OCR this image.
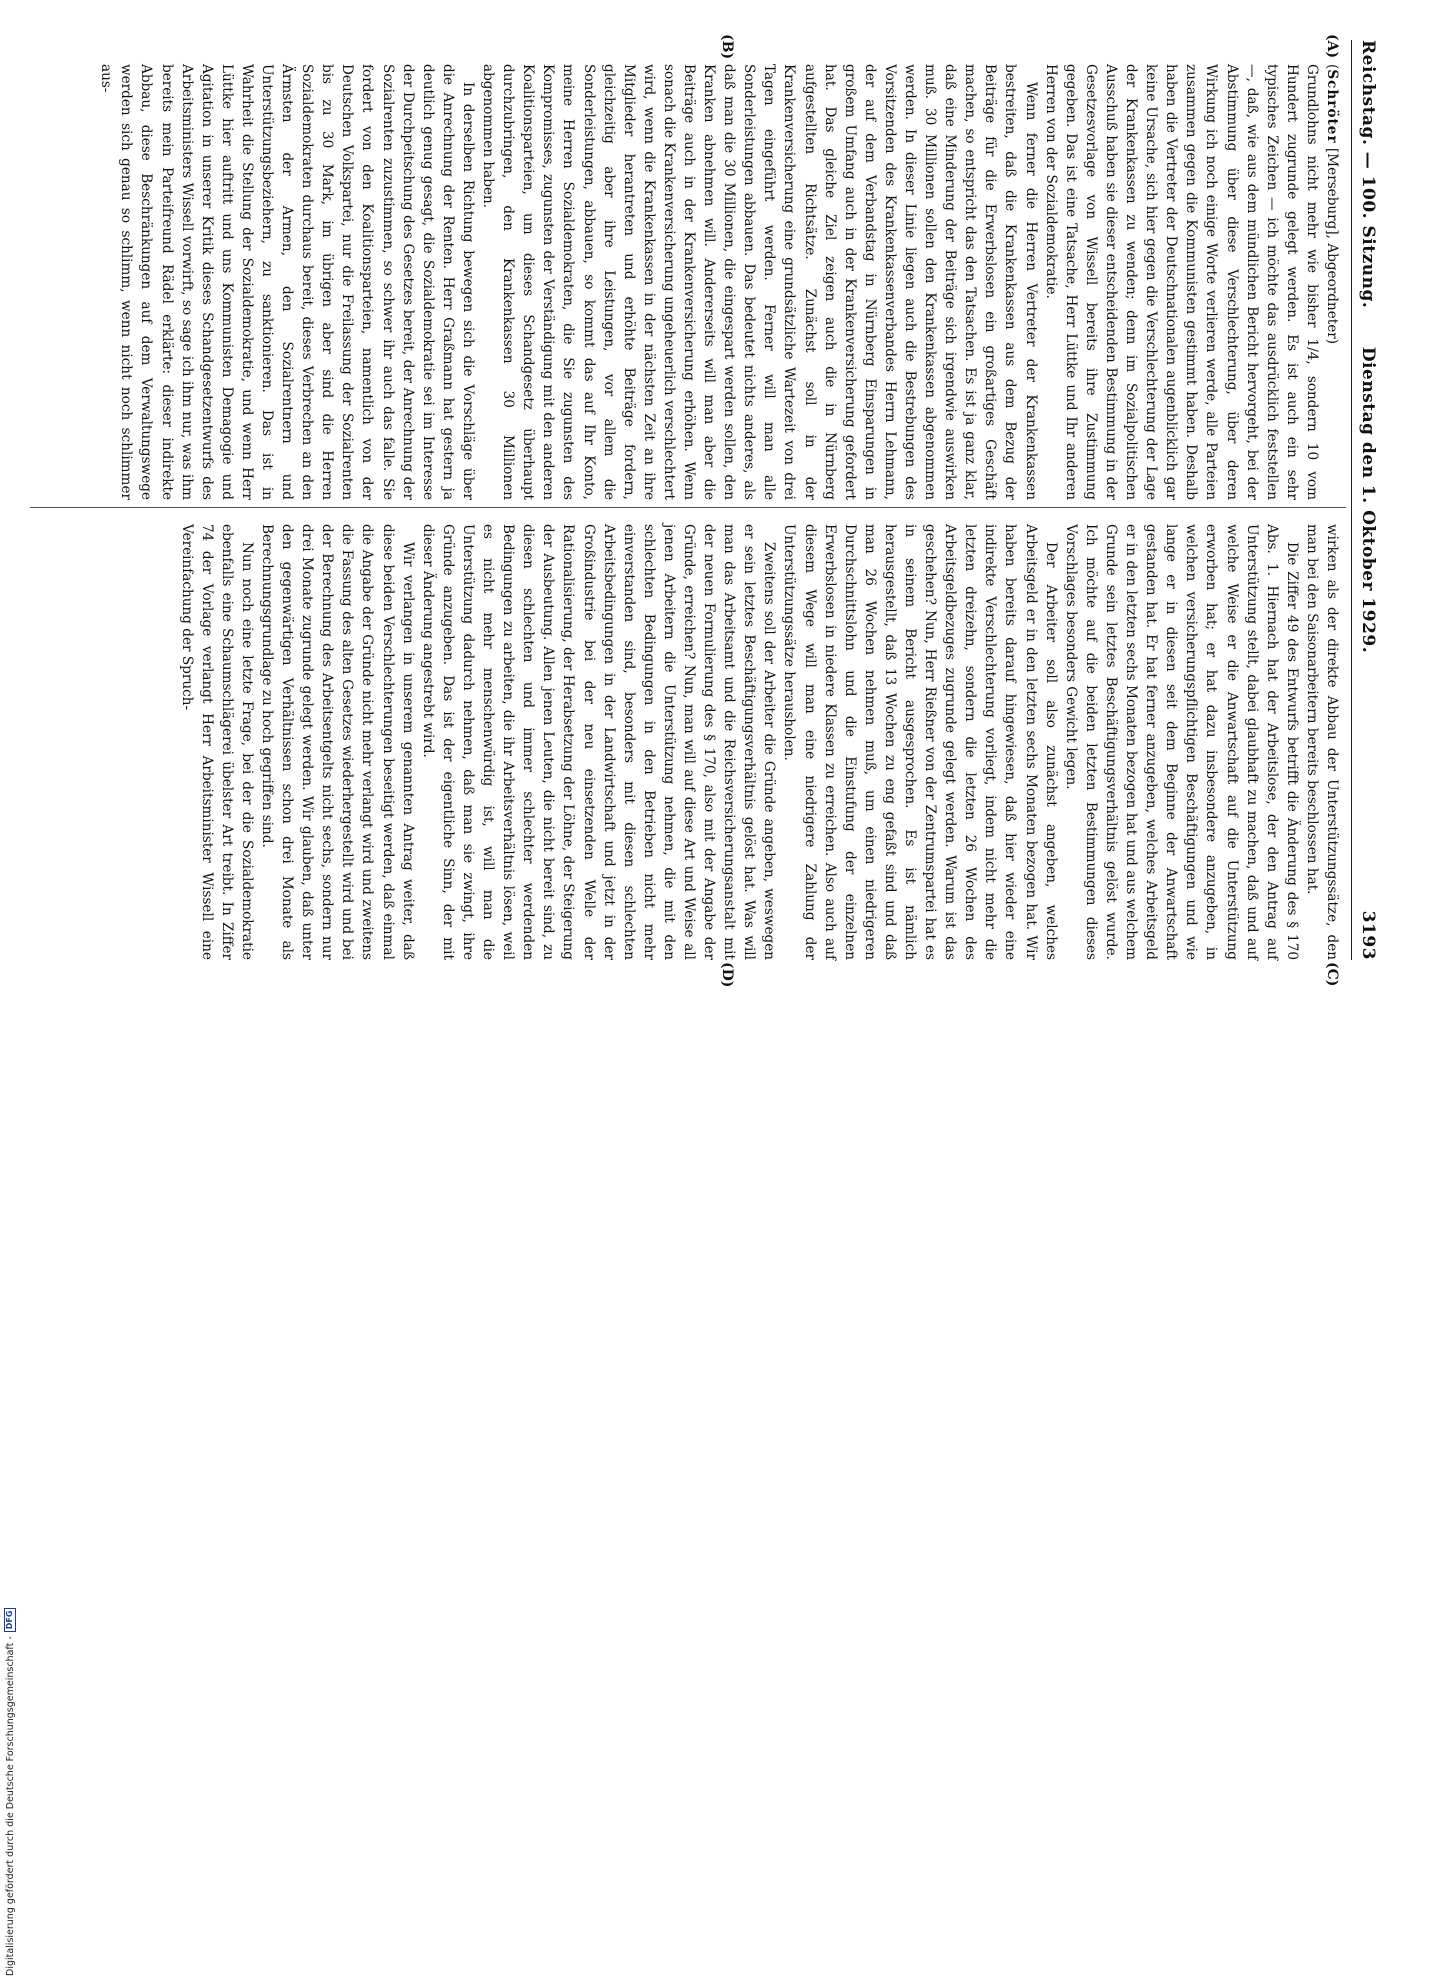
Reichstag. — 100. Sitzung.
Dienstag den 1. Oktober 1929.
3193
(A)
(B)
(C)
(D)

(Schröter [Merseburg], Abgeordneter)

Grundlohns nicht mehr wie bisher 1/4, sondern 10 vom Hundert zugrunde gelegt werden. Es ist auch ein sehr typisches Zeichen — ich möchte das ausdrücklich feststellen —, daß, wie aus dem mündlichen Bericht hervorgeht, bei der Abstimmung über diese Verschlechterung, über deren Wirkung ich noch einige Worte verlieren werde, alle Parteien zusammen gegen die Kommunisten gestimmt haben. Deshalb haben die Vertreter der Deutschnationalen augenblicklich gar keine Ursache, sich hier gegen die Verschlechterung der Lage der Krankenkassen zu wenden; denn im Sozialpolitischen Ausschuß haben sie dieser entscheidenden Bestimmung in der Gesetzesvorlage von Wissell bereits ihre Zustimmung gegeben. Das ist eine Tatsache, Herr Lüttke und Ihr anderen Herren von der Sozialdemokratie.

Wenn ferner die Herren Vertreter der Krankenkassen bestreiten, daß die Krankenkassen aus dem Bezug der Beiträge für die Erwerbslosen ein großartiges Geschäft machen, so entspricht das den Tatsachen. Es ist ja ganz klar, daß eine Minderung der Beiträge sich irgendwie auswirken muß. 30 Millionen sollen den Krankenkassen abgenommen werden. In dieser Linie liegen auch die Bestrebungen des Vorsitzenden des Krankenkassenverbandes Herrn Lehmann, der auf dem Verbandstag in Nürnberg Einsparungen in großem Umfang auch in der Krankenversicherung gefordert hat. Das gleiche Ziel zeigen auch die in Nürnberg aufgestellten Richtsätze. Zunächst soll in der Krankenversicherung eine grundsätzliche Wartezeit von drei Tagen eingeführt werden. Ferner will man alle Sonderleistungen abbauen. Das bedeutet nichts anderes, als daß man die 30 Millionen, die eingespart werden sollen, den Kranken abnehmen will. Andererseits will man aber die Beiträge auch in der Krankenversicherung erhöhen. Wenn sonach die Krankenversicherung ungeheuerlich verschlechtert wird, wenn die Krankenkassen in der nächsten Zeit an ihre Mitglieder herantreten und erhöhte Beiträge fordern, gleichzeitig aber ihre Leistungen, vor allem die Sonderleistungen, abbauen, so kommt das auf Ihr Konto, meine Herren Sozialdemokraten, die Sie zugunsten des Kompromisses, zugunsten der Verständigung mit den anderen Koalitionsparteien, um dieses Schandgesetz überhaupt durchzubringen, den Krankenkassen 30 Millionen abgenommen haben.

In derselben Richtung bewegen sich die Vorschläge über die Anrechnung der Renten. Herr Graßmann hat gestern ja deutlich genug gesagt, die Sozialdemokratie sei im Interesse der Durchpeitschung des Gesetzes bereit, der Anrechnung der Sozialrenten zuzustimmen, so schwer ihr auch das falle. Sie fordert von den Koalitionsparteien, namentlich von der Deutschen Volkspartei, nur die Freilassung der Sozialrenten bis zu 30 Mark, im übrigen aber sind die Herren Sozialdemokraten durchaus bereit, dieses Verbrechen an den Ärmsten der Armen, den Sozialrentnern und Unterstützungsbeziehern, zu sanktionieren. Das ist in Wahrheit die Stellung der Sozialdemokratie, und wenn Herr Lüttke hier auftritt und uns Kommunisten Demagogie und Agitation in unserer Kritik dieses Schandgesetzentwurfs des Arbeitsministers Wissell vorwirft, so sage ich ihm nur, was ihm bereits mein Parteifreund Rädel erklärte: dieser indirekte Abbau, diese Beschränkungen auf dem Verwaltungswege werden sich genau so schlimm, wenn nicht noch schlimmer aus-

wirken als der direkte Abbau der Unterstützungssätze, den man bei den Saisonarbeitern bereits beschlossen hat.

Die Ziffer 49 des Entwurfs betrifft die Änderung des § 170 Abs. 1. Hiernach hat der Arbeitslose, der den Antrag auf Unterstützung stellt, dabei glaubhaft zu machen, daß und auf welche Weise er die Anwartschaft auf die Unterstützung erworben hat; er hat dazu insbesondere anzugeben, in welchen versicherungspflichtigen Beschäftigungen und wie lange er in diesen seit dem Beginne der Anwartschaft gestanden hat. Er hat ferner anzugeben, welches Arbeitsgeld er in den letzten sechs Monaten bezogen hat und aus welchem Grunde sein letztes Beschäftigungsverhältnis gelöst wurde. Ich möchte auf die beiden letzten Bestimmungen dieses Vorschlages besonders Gewicht legen.

Der Arbeiter soll also zunächst angeben, welches Arbeitsgeld er in den letzten sechs Monaten bezogen hat. Wir haben bereits darauf hingewiesen, daß hier wieder eine indirekte Verschlechterung vorliegt, indem nicht mehr die letzten dreizehn, sondern die letzten 26 Wochen des Arbeitsgeldbezuges zugrunde gelegt werden. Warum ist das geschehen? Nun, Herr Rießner von der Zentrumspartei hat es in seinem Bericht ausgesprochen. Es ist nämlich herausgestellt, daß 13 Wochen zu eng gefaßt sind und daß man 26 Wochen nehmen muß, um einen niedrigeren Durchschnittslohn und die Einstufung der einzelnen Erwerbslosen in niedere Klassen zu erreichen. Also auch auf diesem Wege will man eine niedrigere Zahlung der Unterstützungssätze herausholen.

Zweitens soll der Arbeiter die Gründe angeben, weswegen er sein letztes Beschäftigungsverhältnis gelöst hat. Was will man das Arbeitsamt und die Reichsversicherungsanstalt mit der neuen Formulierung des § 170, also mit der Angabe der Gründe, erreichen? Nun, man will auf diese Art und Weise all jenen Arbeitern die Unterstützung nehmen, die mit den schlechten Bedingungen in den Betrieben nicht mehr einverstanden sind, besonders mit diesen schlechten Arbeitsbedingungen in der Landwirtschaft und jetzt in der Großindustrie bei der neu einsetzenden Welle der Rationalisierung, der Herabsetzung der Löhne, der Steigerung der Ausbeutung. Allen jenen Leuten, die nicht bereit sind, zu diesen schlechten und immer schlechter werdenden Bedingungen zu arbeiten, die ihr Arbeitsverhältnis lösen, weil es nicht mehr menschenwürdig ist, will man die Unterstützung dadurch nehmen, daß man sie zwingt, ihre Gründe anzugeben. Das ist der eigentliche Sinn, der mit dieser Änderung angestrebt wird.

Wir verlangen in unserem genannten Antrag weiter, daß diese beiden Verschlechterungen beseitigt werden, daß einmal die Angabe der Gründe nicht mehr verlangt wird und zweitens die Fassung des alten Gesetzes wiederhergestellt wird und bei der Berechnung des Arbeitsentgelts nicht sechs, sondern nur drei Monate zugrunde gelegt werden. Wir glauben, daß unter den gegenwärtigen Verhältnissen schon drei Monate als Berechnungsgrundlage zu hoch gegriffen sind.

Nun noch eine letzte Frage, bei der die Sozialdemokratie ebenfalls eine Schaumschlägerei übelster Art treibt. In Ziffer 74 der Vorlage verlangt Herr Arbeitsminister Wissell eine Vereinfachung der Spruch-

Digitalisierung gefördert durch die Deutsche Forschungsgemeinschaft -
DFG
